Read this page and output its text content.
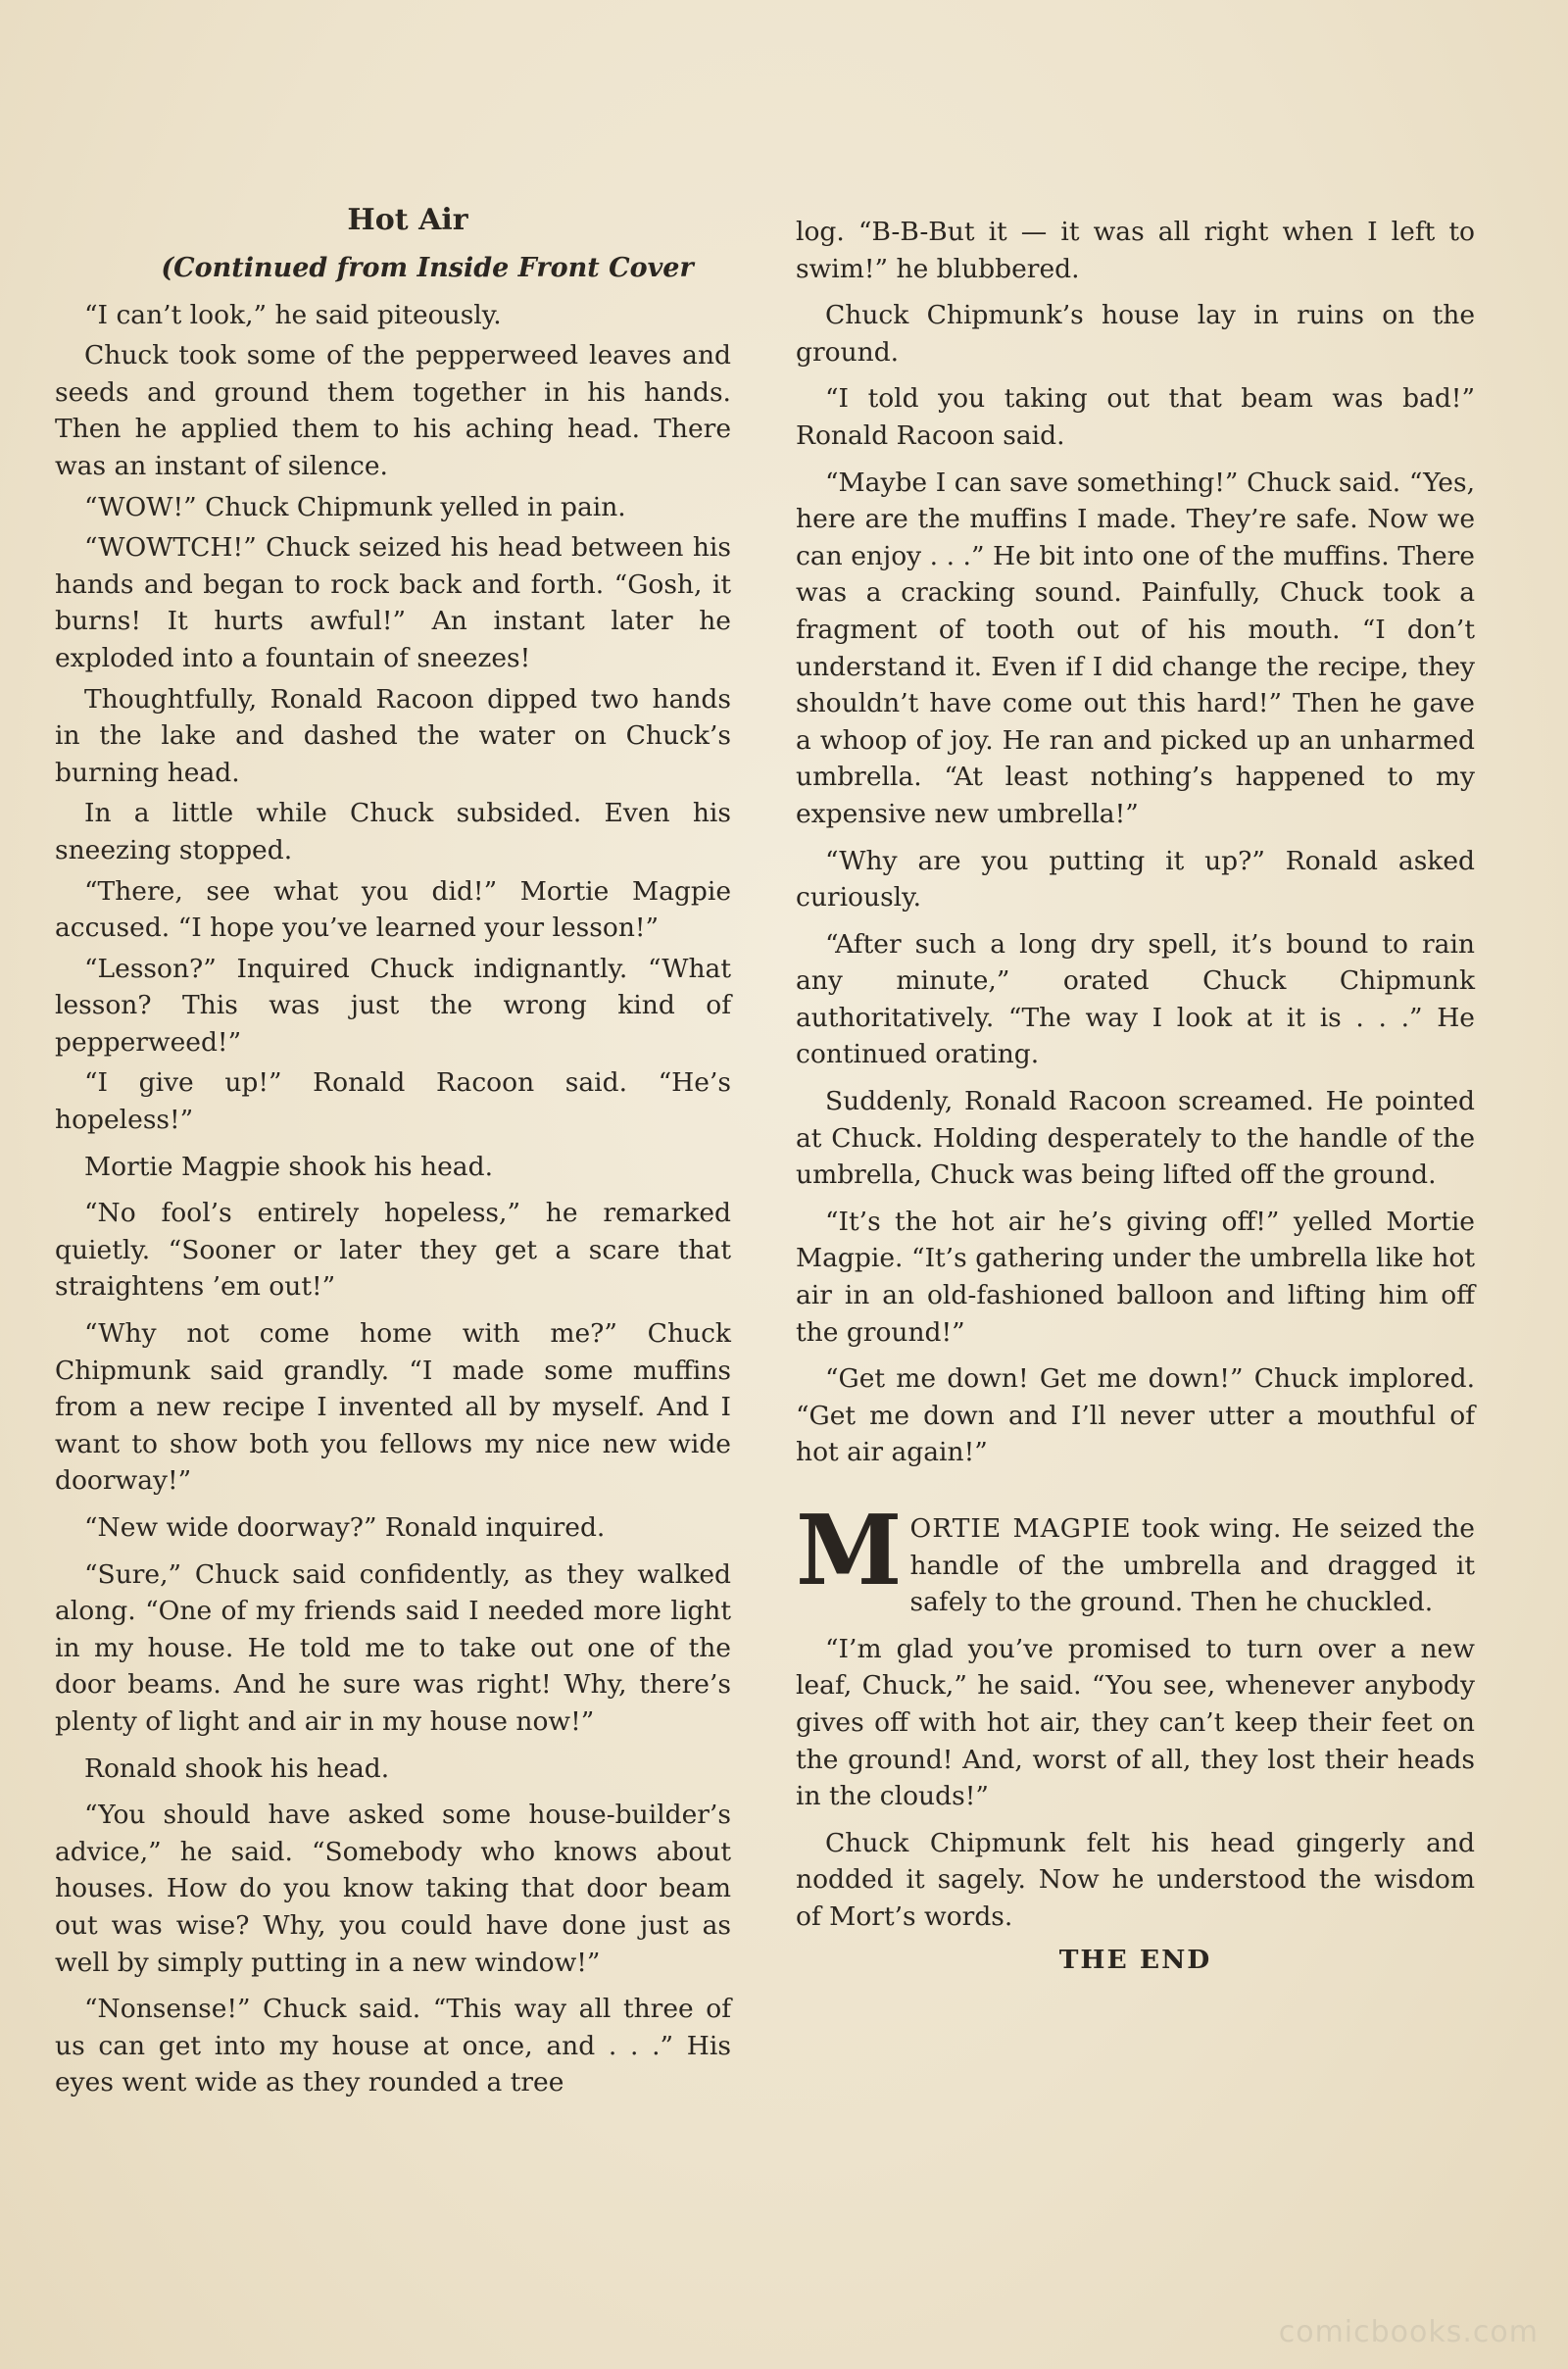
Hot Air

(Continued from Inside Front Cover

“I can’t look,” he said piteously.

Chuck took some of the pepperweed leaves and seeds and ground them together in his hands. Then he applied them to his aching head. There was an instant of silence.

“WOW!” Chuck Chipmunk yelled in pain.

“WOWTCH!” Chuck seized his head between his hands and began to rock back and forth. “Gosh, it burns! It hurts awful!” An instant later he exploded into a fountain of sneezes!

Thoughtfully, Ronald Racoon dipped two hands in the lake and dashed the water on Chuck’s burning head.

In a little while Chuck subsided. Even his sneezing stopped.

“There, see what you did!” Mortie Magpie accused. “I hope you’ve learned your lesson!”

“Lesson?” Inquired Chuck indignantly. “What lesson? This was just the wrong kind of pepperweed!”

“I give up!” Ronald Racoon said. “He’s hopeless!”

Mortie Magpie shook his head.

“No fool’s entirely hopeless,” he remarked quietly. “Sooner or later they get a scare that straightens ’em out!”

“Why not come home with me?” Chuck Chipmunk said grandly. “I made some muffins from a new recipe I invented all by myself. And I want to show both you fellows my nice new wide doorway!”

“New wide doorway?” Ronald inquired.

“Sure,” Chuck said confidently, as they walked along. “One of my friends said I needed more light in my house. He told me to take out one of the door beams. And he sure was right! Why, there’s plenty of light and air in my house now!”

Ronald shook his head.

“You should have asked some house-builder’s advice,” he said. “Somebody who knows about houses. How do you know taking that door beam out was wise? Why, you could have done just as well by simply putting in a new window!”

“Nonsense!” Chuck said. “This way all three of us can get into my house at once, and . . .” His eyes went wide as they rounded a tree

log. “B-B-But it — it was all right when I left to swim!” he blubbered.

Chuck Chipmunk’s house lay in ruins on the ground.

“I told you taking out that beam was bad!” Ronald Racoon said.

“Maybe I can save something!” Chuck said. “Yes, here are the muffins I made. They’re safe. Now we can enjoy . . .” He bit into one of the muffins. There was a cracking sound. Painfully, Chuck took a fragment of tooth out of his mouth. “I don’t understand it. Even if I did change the recipe, they shouldn’t have come out this hard!” Then he gave a whoop of joy. He ran and picked up an unharmed umbrella. “At least nothing’s happened to my expensive new umbrella!”

“Why are you putting it up?” Ronald asked curiously.

“After such a long dry spell, it’s bound to rain any minute,” orated Chuck Chipmunk authoritatively. “The way I look at it is . . .” He continued orating.

Suddenly, Ronald Racoon screamed. He pointed at Chuck. Holding desperately to the handle of the umbrella, Chuck was being lifted off the ground.

“It’s the hot air he’s giving off!” yelled Mortie Magpie. “It’s gathering under the umbrella like hot air in an old-fashioned balloon and lifting him off the ground!”

“Get me down! Get me down!” Chuck implored. “Get me down and I’ll never utter a mouthful of hot air again!”

MORTIE MAGPIE took wing. He seized the handle of the umbrella and dragged it safely to the ground. Then he chuckled.

“I’m glad you’ve promised to turn over a new leaf, Chuck,” he said. “You see, whenever anybody gives off with hot air, they can’t keep their feet on the ground! And, worst of all, they lost their heads in the clouds!”

Chuck Chipmunk felt his head gingerly and nodded it sagely. Now he understood the wisdom of Mort’s words.

THE END

comicbooks.com
